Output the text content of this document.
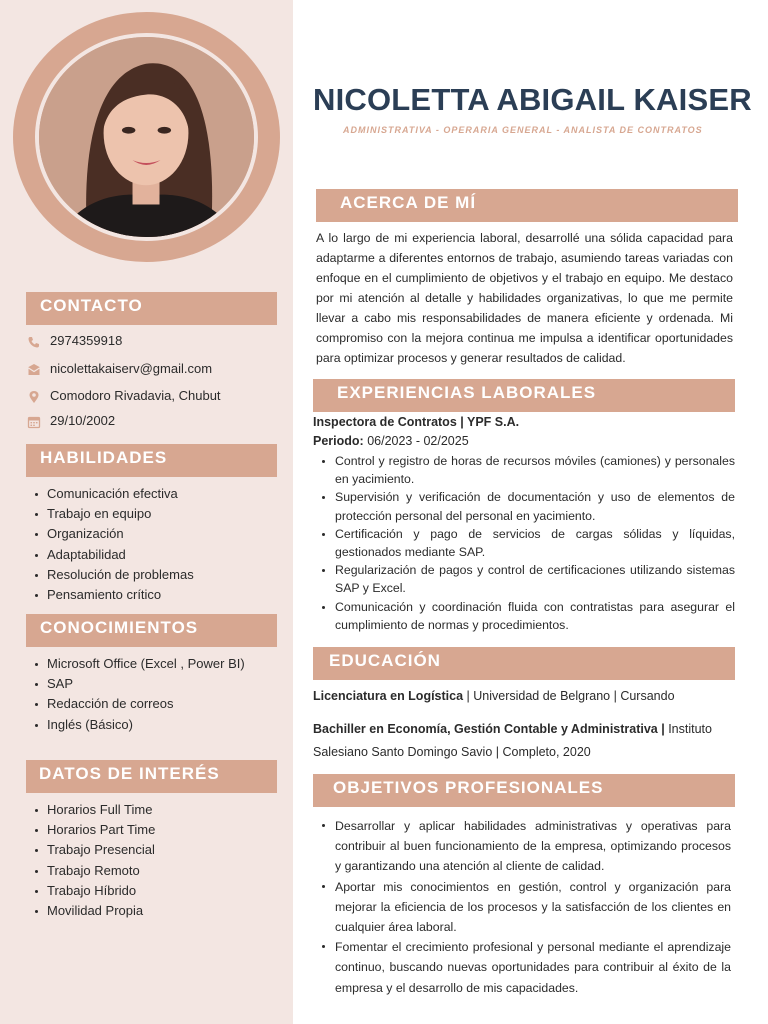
CONTACTO
2974359918
nicolettakaiserv@gmail.com
Comodoro Rivadavia, Chubut
29/10/2002
HABILIDADES
Comunicación efectiva
Trabajo en equipo
Organización
Adaptabilidad
Resolución de problemas
Pensamiento crítico
CONOCIMIENTOS
Microsoft Office (Excel , Power BI)
SAP
Redacción de correos
Inglés (Básico)
DATOS DE INTERÉS
Horarios Full Time
Horarios Part Time
Trabajo Presencial
Trabajo Remoto
Trabajo Híbrido
Movilidad Propia
NICOLETTA ABIGAIL KAISER
ADMINISTRATIVA - OPERARIA GENERAL - ANALISTA DE CONTRATOS
ACERCA DE MÍ

A lo largo de mi experiencia laboral, desarrollé una sólida capacidad para adaptarme a diferentes entornos de trabajo, asumiendo tareas variadas con enfoque en el cumplimiento de objetivos y el trabajo en equipo. Me destaco por mi atención al detalle y habilidades organizativas, lo que me permite llevar a cabo mis responsabilidades de manera eficiente y ordenada. Mi compromiso con la mejora continua me impulsa a identificar oportunidades para optimizar procesos y generar resultados de calidad.

EXPERIENCIAS LABORALES
Inspectora de Contratos | YPF S.A.
Periodo: 06/2023 - 02/2025
Control y registro de horas de recursos móviles (camiones) y personales en yacimiento.
Supervisión y verificación de documentación y uso de elementos de protección personal del personal en yacimiento.
Certificación y pago de servicios de cargas sólidas y líquidas, gestionados mediante SAP.
Regularización de pagos y control de certificaciones utilizando sistemas SAP y Excel.
Comunicación y coordinación fluida con contratistas para asegurar el cumplimiento de normas y procedimientos.
EDUCACIÓN
Licenciatura en Logística | Universidad de Belgrano | Cursando
Bachiller en Economía, Gestión Contable y Administrativa | Instituto Salesiano Santo Domingo Savio | Completo, 2020
OBJETIVOS PROFESIONALES
Desarrollar y aplicar habilidades administrativas y operativas para contribuir al buen funcionamiento de la empresa, optimizando procesos y garantizando una atención al cliente de calidad.
Aportar mis conocimientos en gestión, control y organización para mejorar la eficiencia de los procesos y la satisfacción de los clientes en cualquier área laboral.
Fomentar el crecimiento profesional y personal mediante el aprendizaje continuo, buscando nuevas oportunidades para contribuir al éxito de la empresa y el desarrollo de mis capacidades.
